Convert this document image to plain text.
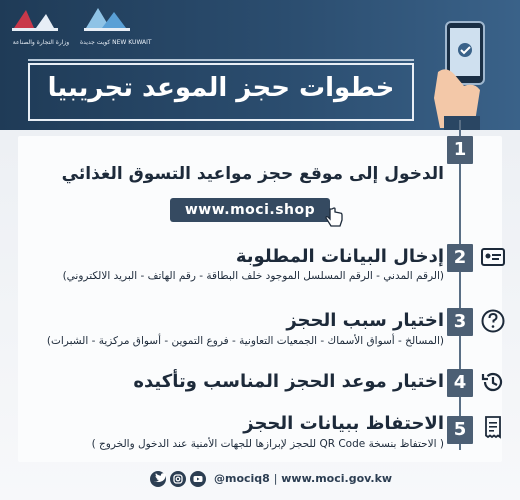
وزارة التجارة والصناعة	كويت جديدة NEW KUWAIT
خطوات حجز الموعد تجريبيا
1
الدخول إلى موقع حجز مواعيد التسوق الغذائي
www.moci.shop
2
إدخال البيانات المطلوبة
(الرقم المدني - الرقم المسلسل الموجود خلف البطاقة - رقم الهاتف - البريد الالكتروني)
3
اختيار سبب الحجز
(المسالخ - أسواق الأسماك - الجمعيات التعاونية - فروع التموين - أسواق مركزية - الشبرات)
4
اختيار موعد الحجز المناسب وتأكيده
5
الاحتفاظ ببيانات الحجز
( الاحتفاظ بنسخة QR Code للحجز لإبرازها للجهات الأمنية عند الدخول والخروج )
@mociq8 | www.moci.gov.kw
